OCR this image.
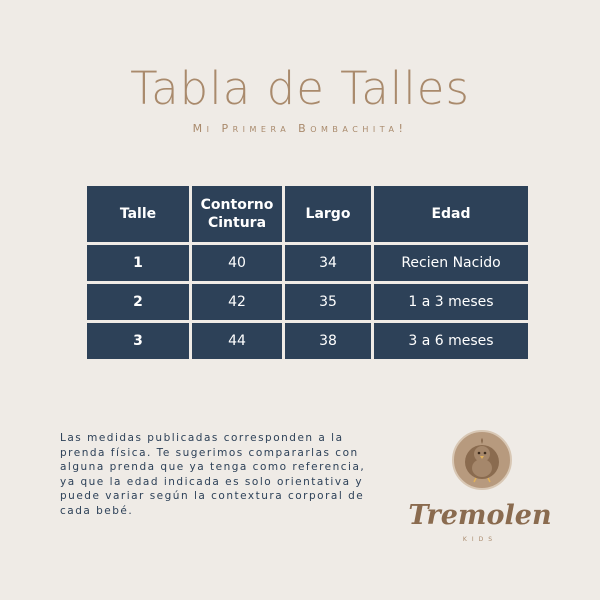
Tabla de Talles
Mi Primera Bombachita!
Talle	Contorno Cintura	Largo	Edad
1	40	34	Recien Nacido
2	42	35	1 a 3 meses
3	44	38	3 a 6 meses

Las medidas publicadas corresponden a la prenda física. Te sugerimos compararlas con alguna prenda que ya tenga como referencia, ya que la edad indicada es solo orientativa y puede variar según la contextura corporal de cada bebé.	Tremolen
KIDS
